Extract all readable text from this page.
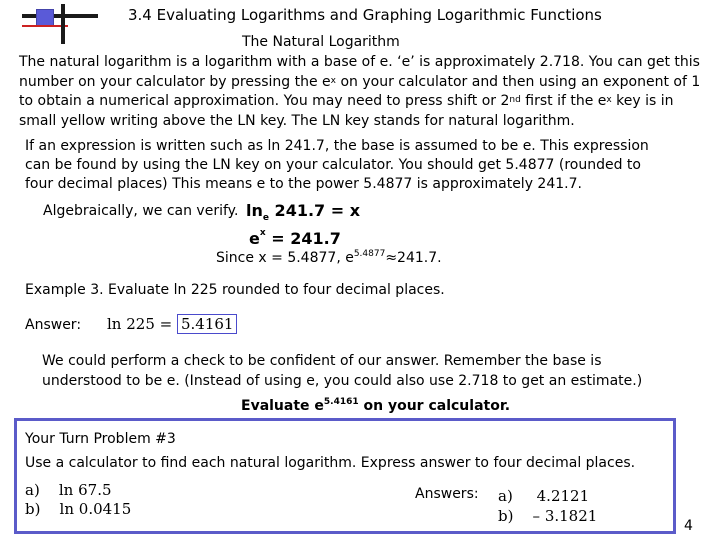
3.4 Evaluating Logarithms and Graphing Logarithmic Functions
The Natural Logarithm
The natural logarithm is a logarithm with a base of e. ‘e’ is approximately 2.718. You can get this
number on your calculator by pressing the $e^x$ on your calculator and then using an exponent of 1
to obtain a numerical approximation. You may need to press shift or 2nd first if the $e^x$ key is in
small yellow writing above the LN key. The LN key stands for natural logarithm.
If an expression is written such as ln 241.7, the base is assumed to be e. This expression
can be found by using the LN key on your calculator. You should get 5.4877 (rounded to
four decimal places) This means e to the power 5.4877 is approximately 241.7.
Algebraically, we can verify. $\ln_e 241.7 = x$
$e^x = 241.7$
Since x = 5.4877, $e^{5.4877}\approx 241.7$.
Example 3. Evaluate ln 225 rounded to four decimal places.
Answer: ln 225 = 5.4161
We could perform a check to be confident of our answer. Remember the base is
understood to be e. (Instead of using e, you could also use 2.718 to get an estimate.)
Evaluate $e^{5.4161}$ on your calculator.
Your Turn Problem #3
Use a calculator to find each natural logarithm. Express answer to four decimal places.
a) ln 67.5
b) ln 0.0415
Answers: a) 4.2121
b) – 3.1821
4
